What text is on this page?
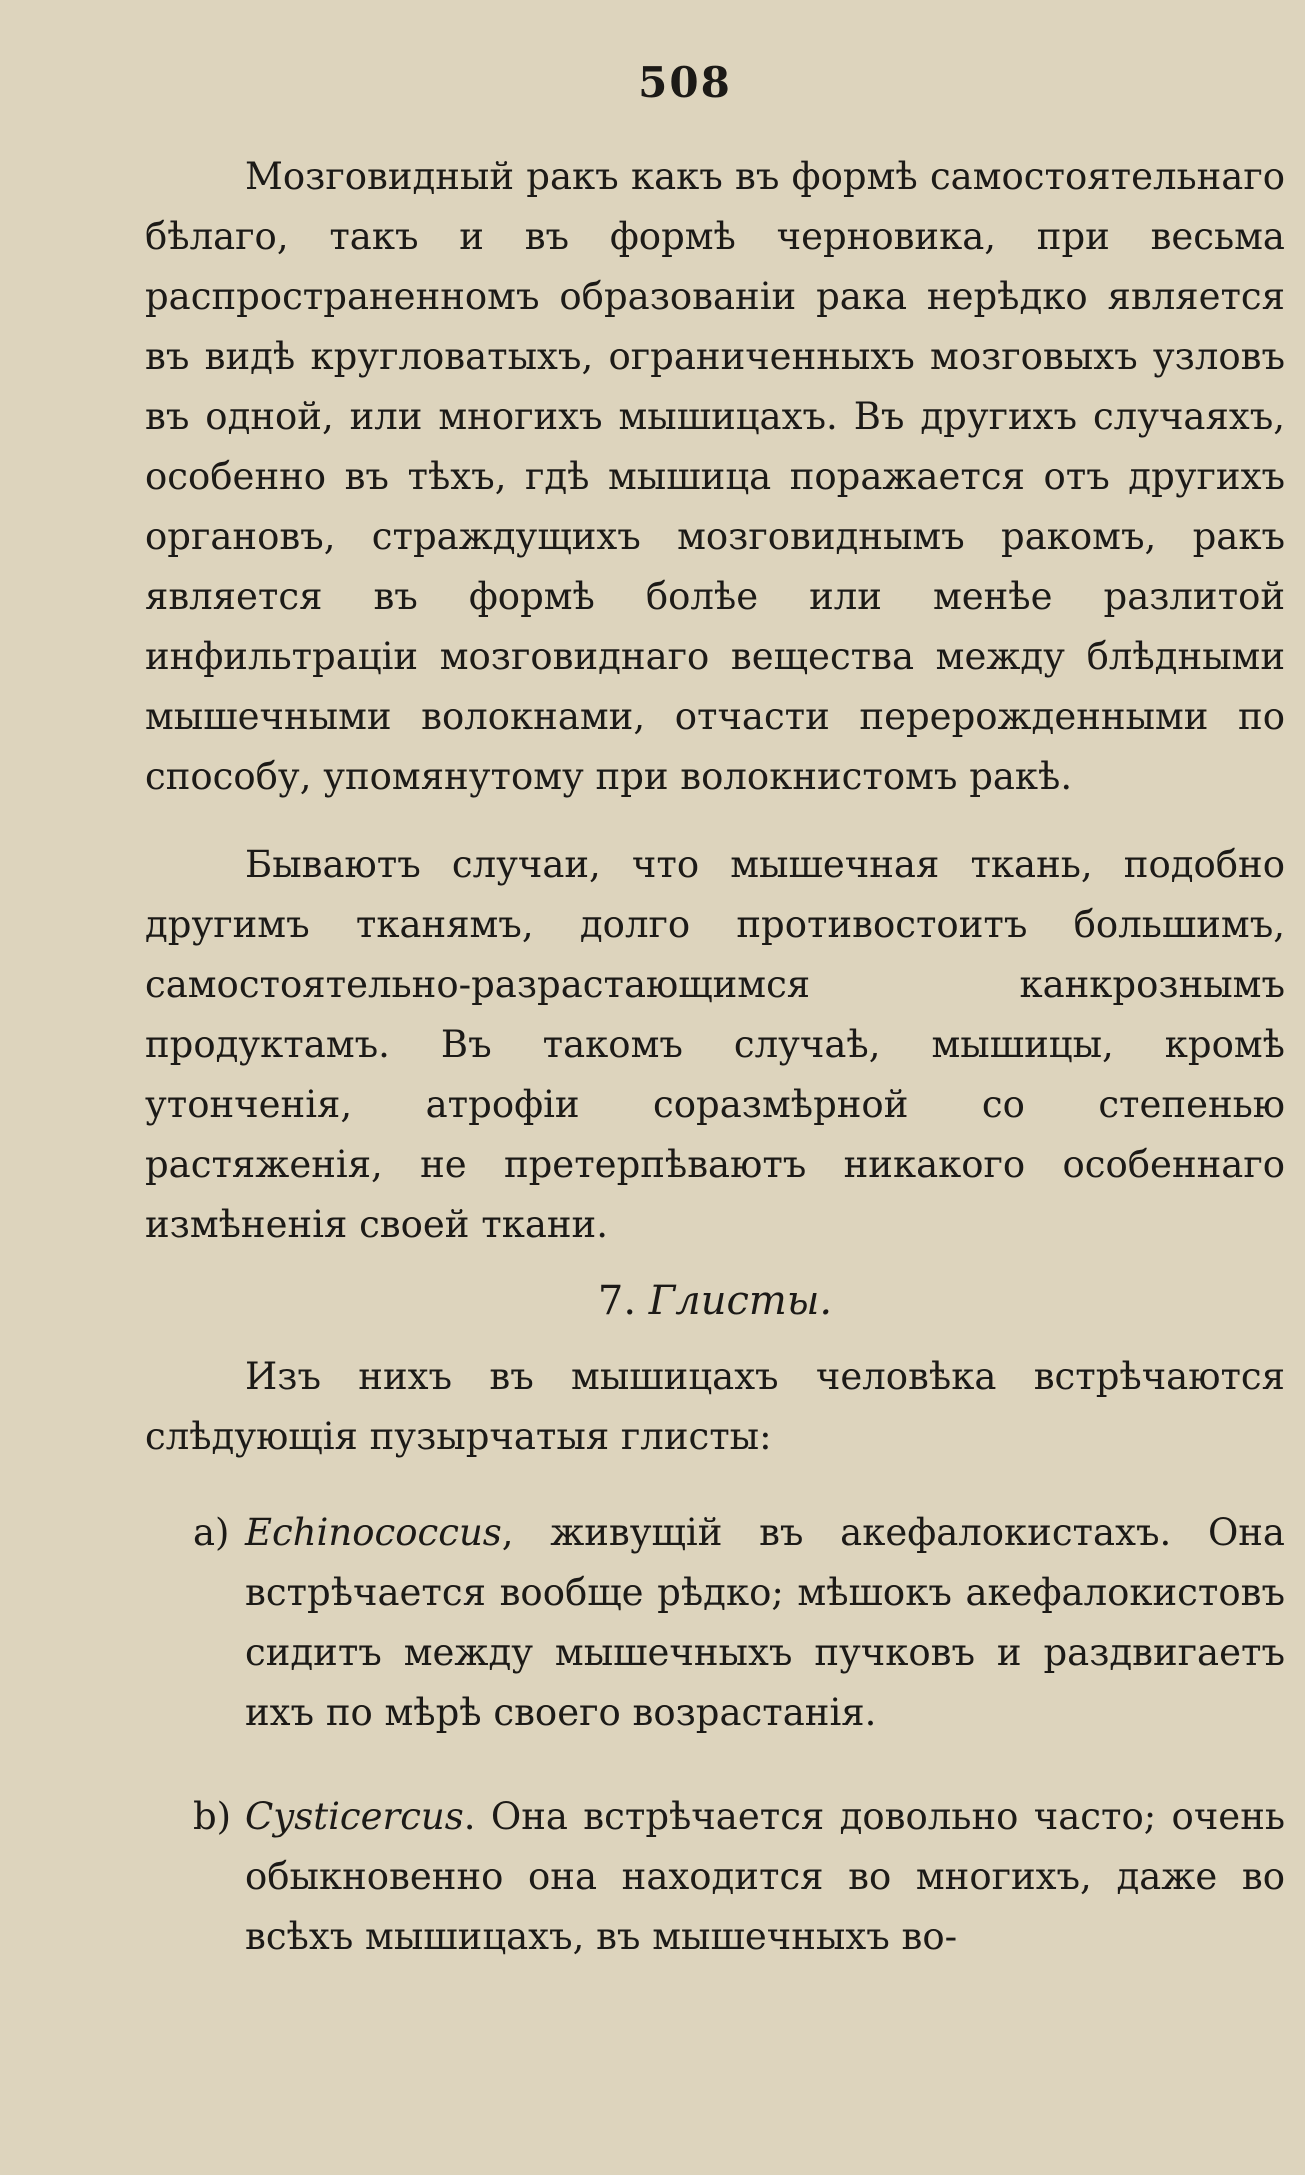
508

Мозговидный ракъ какъ въ формѣ самостоятельнаго бѣлаго, такъ и въ формѣ черновика, при весьма распространенномъ образованіи рака нерѣдко является въ видѣ кругловатыхъ, ограниченныхъ мозговыхъ узловъ въ одной, или многихъ мышицахъ. Въ другихъ случаяхъ, особенно въ тѣхъ, гдѣ мышица поражается отъ другихъ органовъ, страждущихъ мозговиднымъ ракомъ, ракъ является въ формѣ болѣе или менѣе разлитой инфильтраціи мозговиднаго вещества между блѣдными мышечными волокнами, отчасти перерожденными по способу, упомянутому при волокнистомъ ракѣ.

Бываютъ случаи, что мышечная ткань, подобно другимъ тканямъ, долго противостоитъ большимъ, самостоятельно-разрастающимся канкрознымъ продуктамъ. Въ такомъ случаѣ, мышицы, кромѣ утонченія, атрофіи соразмѣрной со степенью растяженія, не претерпѣваютъ никакого особеннаго измѣненія своей ткани.

7. Глисты.

Изъ нихъ въ мышицахъ человѣка встрѣчаются слѣдующія пузырчатыя глисты:

a) Echinococcus, живущій въ акефалокистахъ. Она встрѣчается вообще рѣдко; мѣшокъ акефалокистовъ сидитъ между мышечныхъ пучковъ и раздвигаетъ ихъ по мѣрѣ своего возрастанія.
b) Cysticercus. Она встрѣчается довольно часто; очень обыкновенно она находится во многихъ, даже во всѣхъ мышицахъ, въ мышечныхъ во-
